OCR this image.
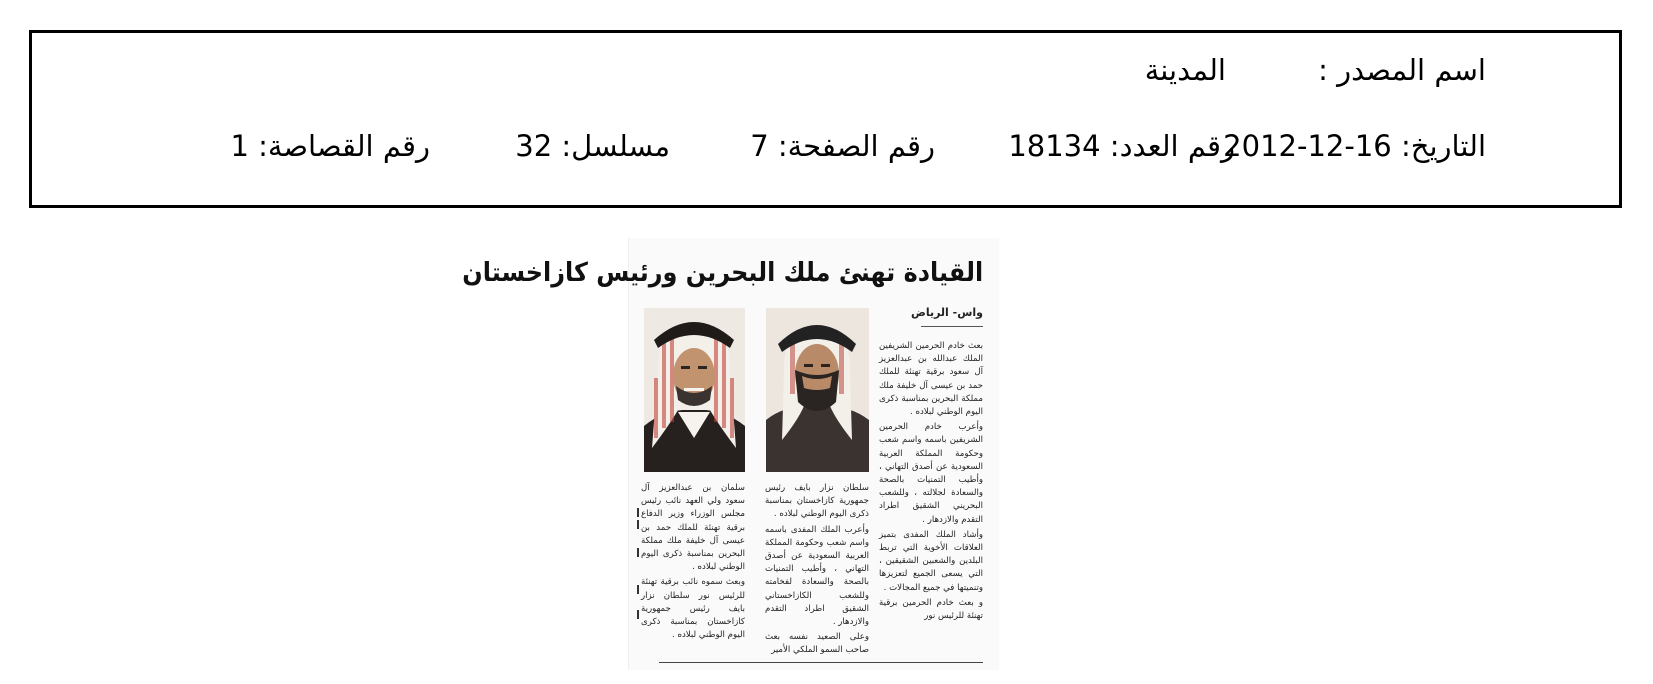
اسم المصدر :
المدينة
التاريخ: 16-12-2012
رقم العدد: 18134
رقم الصفحة: 7
مسلسل: 32
رقم القصاصة: 1
القيادة تهنئ ملك البحرين ورئيس كازاخستان
واس- الرياض

بعث خادم الحرمين الشريفين الملك عبدالله بن عبدالعزيز آل سعود برقية تهنئة للملك حمد بن عيسى آل خليفة ملك مملكة البحرين بمناسبة ذكرى اليوم الوطني لبلاده .

وأعرب خادم الحرمين الشريفين باسمه واسم شعب وحكومة المملكة العربية السعودية عن أصدق التهاني ، وأطيب التمنيات بالصحة والسعادة لجلالته ، وللشعب البحريني الشقيق اطراد التقدم والازدهار .

وأشاد الملك المفدى بتميز العلاقات الأخوية التي تربط البلدين والشعبين الشقيقين ، التي يسعى الجميع لتعزيزها وتنميتها في جميع المجالات .

و بعث خادم الحرمين برقية تهنئة للرئيس نور

سلطان نزار بايف رئيس جمهورية كازاخستان بمناسبة ذكرى اليوم الوطني لبلاده .

وأعرب الملك المفدى باسمه واسم شعب وحكومة المملكة العربية السعودية عن أصدق التهاني ، وأطيب التمنيات بالصحة والسعادة لفخامته وللشعب الكازاخستاني الشقيق اطراد التقدم والازدهار .

وعلى الصعيد نفسه بعث صاحب السمو الملكي الأمير

سلمان بن عبدالعزيز آل سعود ولي العهد نائب رئيس مجلس الوزراء وزير الدفاع برقية تهنئة للملك حمد بن عيسى آل خليفة ملك مملكة البحرين بمناسبة ذكرى اليوم الوطني لبلاده .

وبعث سموه نائب برقية تهنئة للرئيس نور سلطان نزار بايف رئيس جمهورية كازاخستان بمناسبة ذكرى اليوم الوطني لبلاده .
